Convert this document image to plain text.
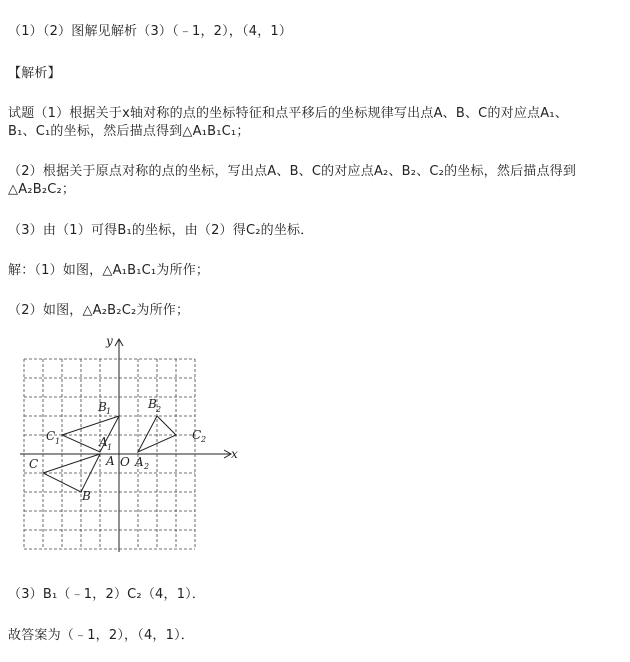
（1）（2）图解见解析（3）（﹣1，2），（4，1）
【解析】
试题（1）根据关于x轴对称的点的坐标特征和点平移后的坐标规律写出点A、B、C的对应点A₁、
B₁、C₁的坐标，然后描点得到△A₁B₁C₁；
（2）根据关于原点对称的点的坐标，写出点A、B、C的对应点A₂、B₂、C₂的坐标，然后描点得到
△A₂B₂C₂；
（3）由（1）可得B₁的坐标，由（2）得C₂的坐标．
解：（1）如图，△A₁B₁C₁为所作；
（2）如图，△A₂B₂C₂为所作；
x
y
O
C 1
B 1
A 1
B 2
C 2
A 2
C	A
B
（3）B₁（﹣1，2）C₂（4，1）．
故答案为（﹣1，2），（4，1）．
